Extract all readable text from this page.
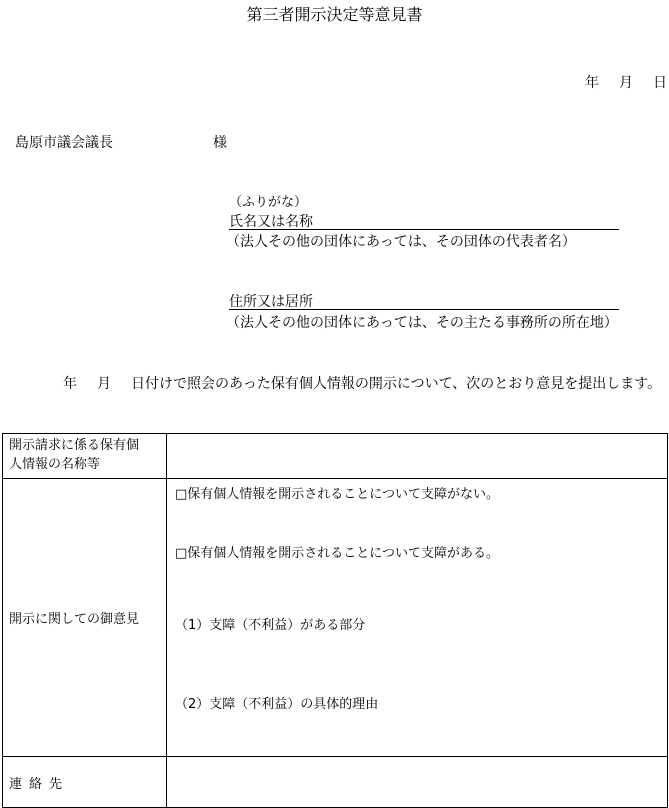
第三者開示決定等意見書
年 月 日
島原市議会議長	様
（ふりがな）
氏名又は名称
（法人その他の団体にあっては、その団体の代表者名）
住所又は居所
（法人その他の団体にあっては、その主たる事務所の所在地）
年 月 日付けで照会のあった保有個人情報の開示について、次のとおり意見を提出します。
開示請求に係る保有個
人情報の名称等	

開示に関しての御意見	□保有個人情報を開示されることについて支障がない。
□保有個人情報を開示されることについて支障がある。
（1）支障（不利益）がある部分
（2）支障（不利益）の具体的理由

連絡先	
